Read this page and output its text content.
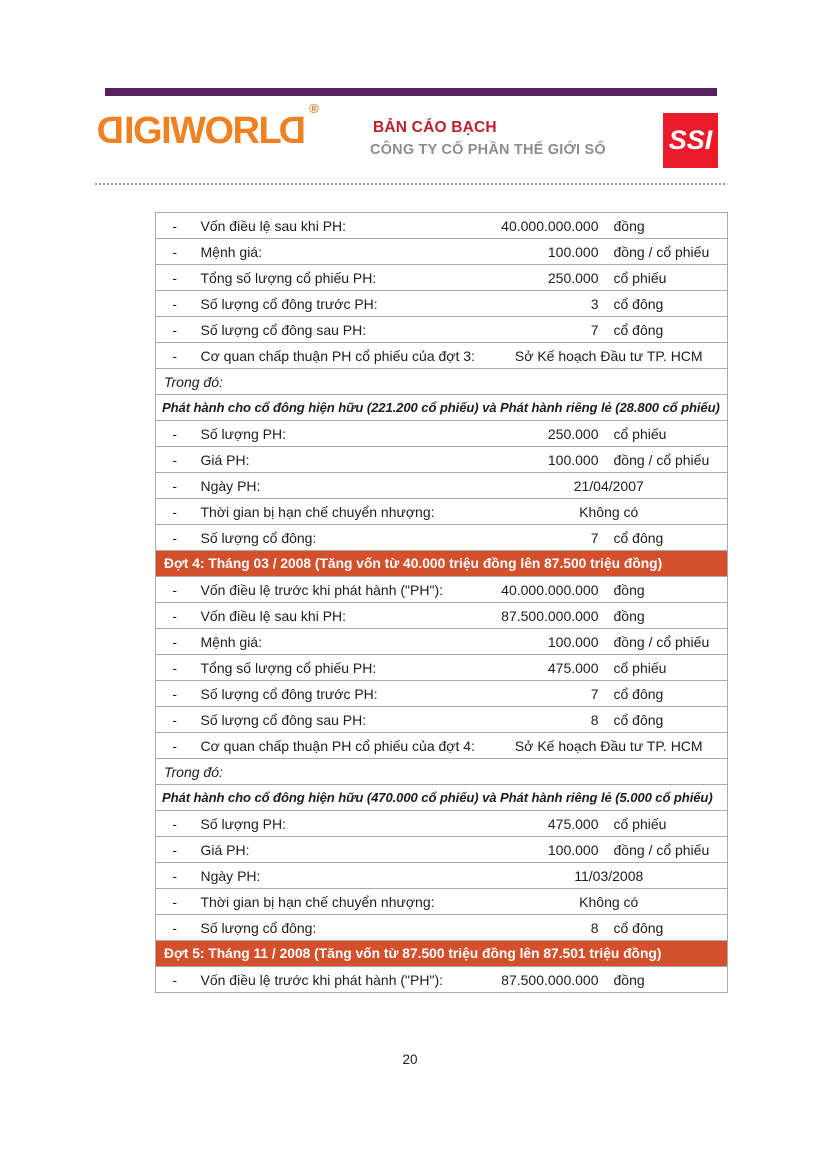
DIGIWORLD®
BẢN CÁO BẠCH
CÔNG TY CỔ PHẦN THẾ GIỚI SỐ SSI
-	Vốn điều lệ sau khi PH:	40.000.000.000	đồng
-	Mệnh giá:	100.000	đồng / cổ phiếu
-	Tổng số lượng cổ phiếu PH:	250.000	cổ phiếu
-	Số lượng cổ đông trước PH:	3	cổ đông
-	Số lượng cổ đông sau PH:	7	cổ đông
-	Cơ quan chấp thuận PH cổ phiếu của đợt 3:	Sở Kế hoạch Đầu tư TP. HCM	
Trong đó:			
Phát hành cho cổ đông hiện hữu (221.200 cổ phiếu) và Phát hành riêng lẻ (28.800 cổ phiếu)			
-	Số lượng PH:	250.000	cổ phiếu
-	Giá PH:	100.000	đồng / cổ phiếu
-	Ngày PH:	21/04/2007	
-	Thời gian bị hạn chế chuyển nhượng:	Không có	
-	Số lượng cổ đông:	7	cổ đông
Đợt 4: Tháng 03 / 2008 (Tăng vốn từ 40.000 triệu đồng lên 87.500 triệu đồng)			
-	Vốn điều lệ trước khi phát hành ("PH"):	40.000.000.000	đồng
-	Vốn điều lệ sau khi PH:	87.500.000.000	đồng
-	Mệnh giá:	100.000	đồng / cổ phiếu
-	Tổng số lượng cổ phiếu PH:	475.000	cổ phiếu
-	Số lượng cổ đông trước PH:	7	cổ đông
-	Số lượng cổ đông sau PH:	8	cổ đông
-	Cơ quan chấp thuận PH cổ phiếu của đợt 4:	Sở Kế hoạch Đầu tư TP. HCM	
Trong đó:			
Phát hành cho cổ đông hiện hữu (470.000 cổ phiếu) và Phát hành riêng lẻ (5.000 cổ phiếu)			
-	Số lượng PH:	475.000	cổ phiếu
-	Giá PH:	100.000	đồng / cổ phiếu
-	Ngày PH:	11/03/2008	
-	Thời gian bị hạn chế chuyển nhượng:	Không có	
-	Số lượng cổ đông:	8	cổ đông
Đợt 5: Tháng 11 / 2008 (Tăng vốn từ 87.500 triệu đồng lên 87.501 triệu đồng)			
-	Vốn điều lệ trước khi phát hành ("PH"):	87.500.000.000	đồng
20
